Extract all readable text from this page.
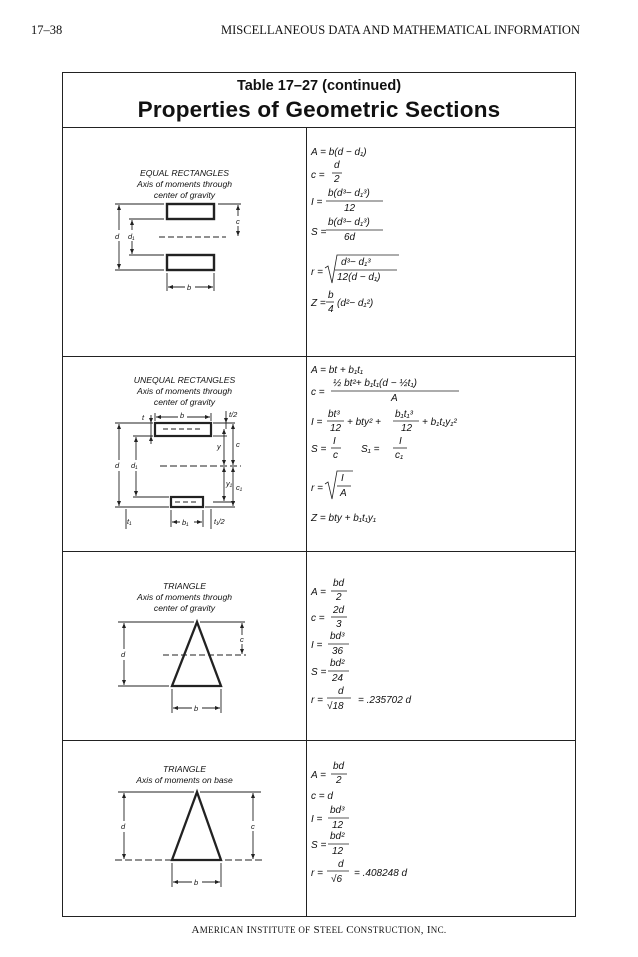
17–38	MISCELLANEOUS DATA AND MATHEMATICAL INFORMATION
Table 17–27 (continued)
Properties of Geometric Sections
EQUAL RECTANGLES
Axis of moments through
center of gravity
d d₁
c
b
A = b(d − d₁)
c =
d
2
I =
b(d³− d₁³)
12
S =
b(d³− d₁³)
6d
r =
d³− d₁³
12(d − d₁)
Z =
b
4
(d²− d₁²)
UNEQUAL RECTANGLES
Axis of moments through
center of gravity
t	b	t/2
y c
d d₁
y₁ c₁
t₁	b₁	t₁/2
A = bt + b₁t₁
c =
½ bt²+ b₁t₁(d − ½t₁)
A
I =
bt³
12
+ bty² +
b₁t₁³
12
+ b₁t₁y₁²
S =
I
c
S₁ =
I
c₁
r =
I
A
Z = bty + b₁t₁y₁
TRIANGLE
Axis of moments through
center of gravity
d
c
b
A =
bd
2
c =
2d
3
I =
bd³
36
S =
bd²
24
r =
d
√18
= .235702 d
TRIANGLE
Axis of moments on base
d	c
b
A =
bd
2
c = d
I =
bd³
12
S =
bd²
12
r =
d
√6
= .408248 d
AMERICAN INSTITUTE OF STEEL CONSTRUCTION, INC.
